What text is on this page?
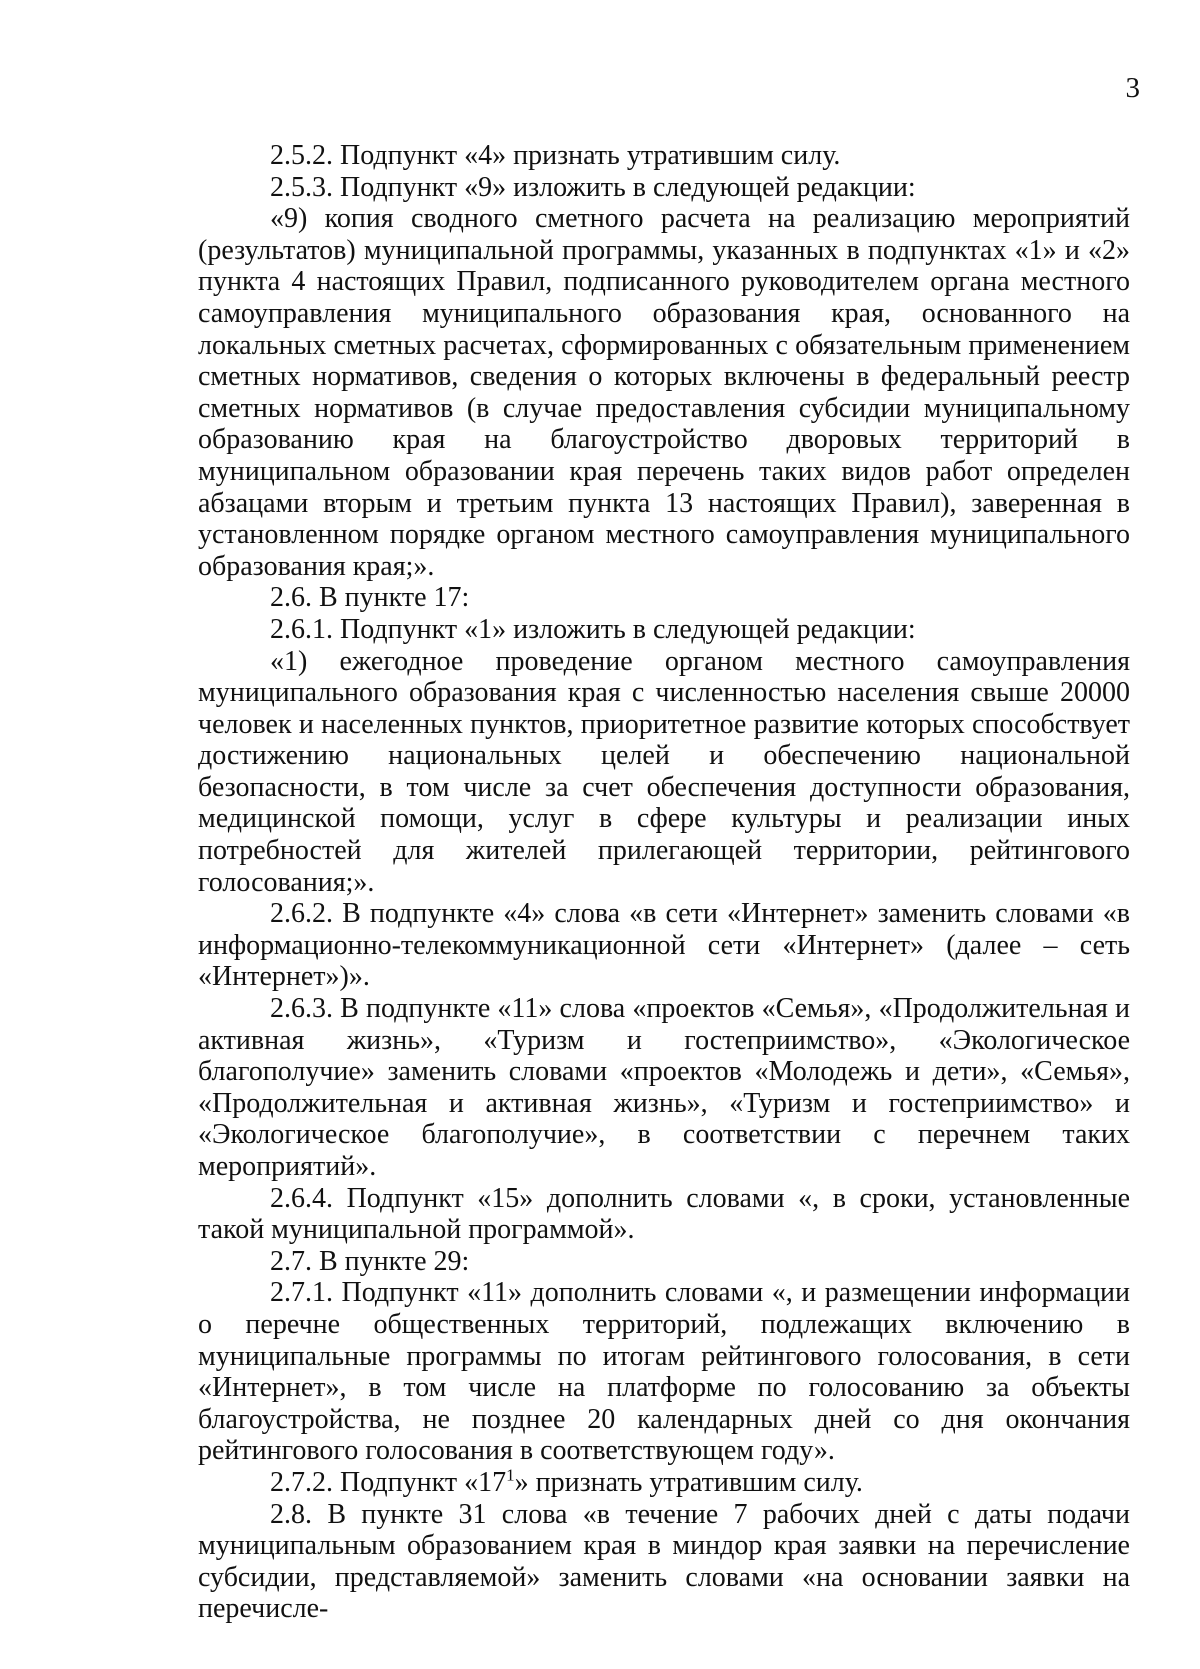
3

2.5.2. Подпункт «4» признать утратившим силу.

2.5.3. Подпункт «9» изложить в следующей редакции:

«9) копия сводного сметного расчета на реализацию мероприятий (результатов) муниципальной программы, указанных в подпунктах «1» и «2» пункта 4 настоящих Правил, подписанного руководителем органа местного самоуправления муниципального образования края, основанного на локальных сметных расчетах, сформированных с обязательным применением сметных нормативов, сведения о которых включены в федеральный реестр сметных нормативов (в случае предоставления субсидии муниципальному образованию края на благоустройство дворовых территорий в муниципальном образовании края перечень таких видов работ определен абзацами вторым и третьим пункта 13 настоящих Правил), заверенная в установленном порядке органом местного самоуправления муниципального образования края;».

2.6. В пункте 17:

2.6.1. Подпункт «1» изложить в следующей редакции:

«1) ежегодное проведение органом местного самоуправления муниципального образования края с численностью населения свыше 20000 человек и населенных пунктов, приоритетное развитие которых способствует достижению национальных целей и обеспечению национальной безопасности, в том числе за счет обеспечения доступности образования, медицинской помощи, услуг в сфере культуры и реализации иных потребностей для жителей прилегающей территории, рейтингового голосования;».

2.6.2. В подпункте «4» слова «в сети «Интернет» заменить словами «в информационно-телекоммуникационной сети «Интернет» (далее – сеть «Интернет»)».

2.6.3. В подпункте «11» слова «проектов «Семья», «Продолжительная и активная жизнь», «Туризм и гостеприимство», «Экологическое благополучие» заменить словами «проектов «Молодежь и дети», «Семья», «Продолжительная и активная жизнь», «Туризм и гостеприимство» и «Экологическое благополучие», в соответствии с перечнем таких мероприятий».

2.6.4. Подпункт «15» дополнить словами «, в сроки, установленные такой муниципальной программой».

2.7. В пункте 29:

2.7.1. Подпункт «11» дополнить словами «, и размещении информации о перечне общественных территорий, подлежащих включению в муниципальные программы по итогам рейтингового голосования, в сети «Интернет», в том числе на платформе по голосованию за объекты благоустройства, не позднее 20 календарных дней со дня окончания рейтингового голосования в соответствующем году».

2.7.2. Подпункт «$17^1$» признать утратившим силу.

2.8. В пункте 31 слова «в течение 7 рабочих дней с даты подачи муниципальным образованием края в миндор края заявки на перечисление субсидии, представляемой» заменить словами «на основании заявки на перечисле-
